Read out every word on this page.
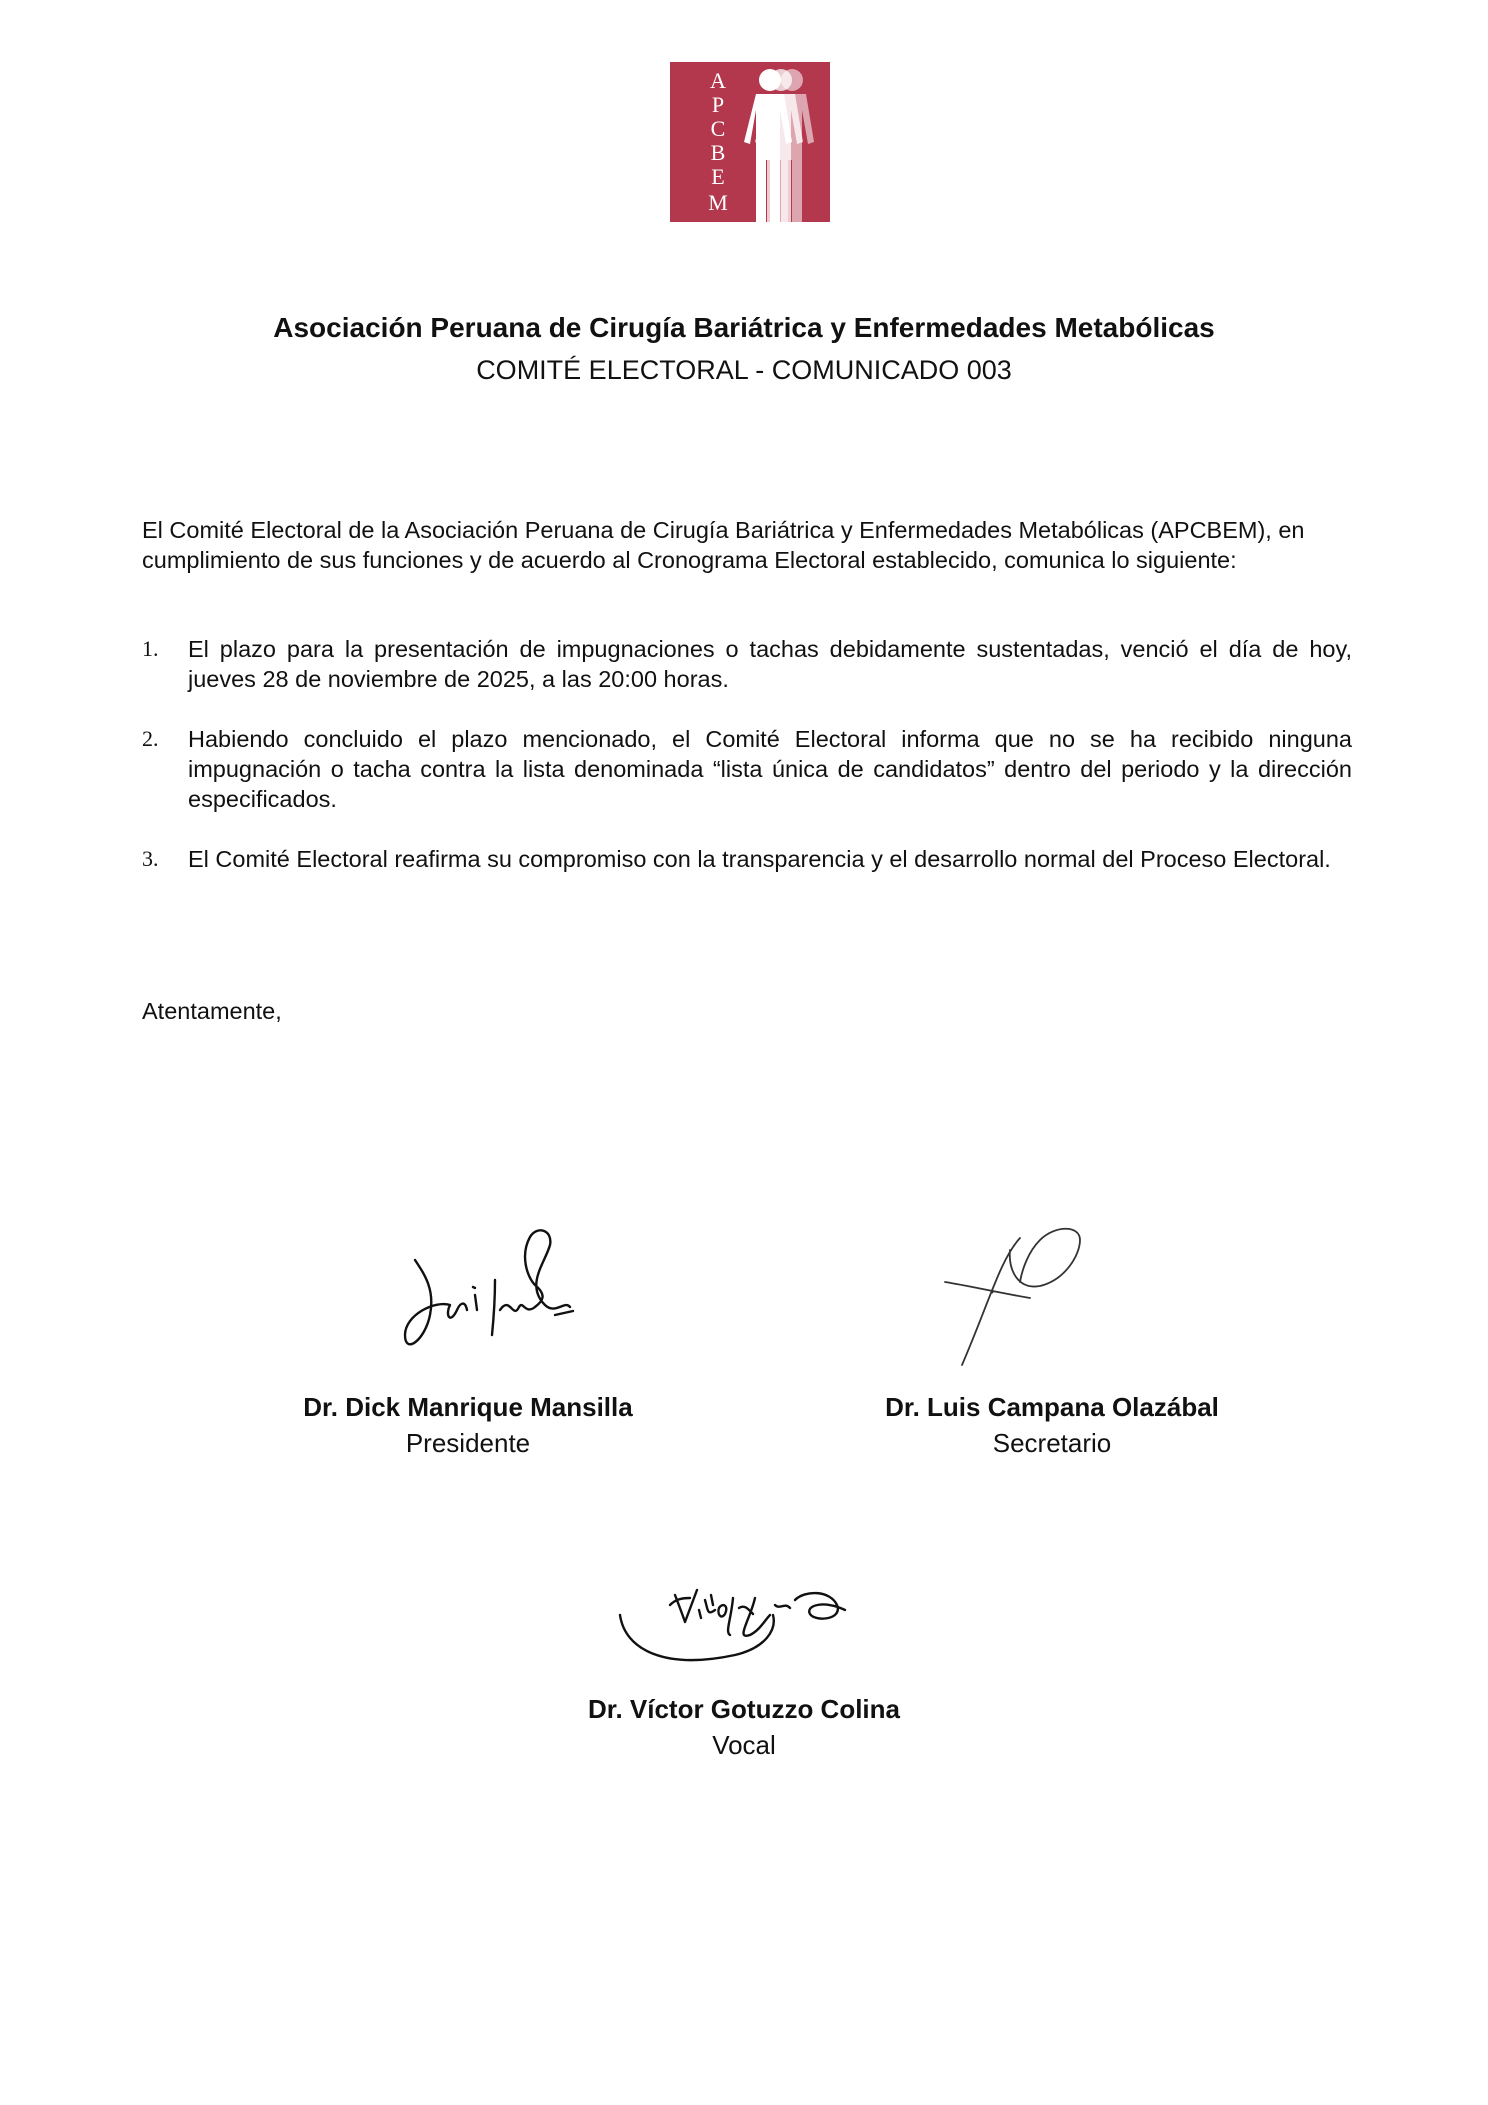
A
P
C
B
E
M
Asociación Peruana de Cirugía Bariátrica y Enfermedades Metabólicas
COMITÉ ELECTORAL - COMUNICADO 003

El Comité Electoral de la Asociación Peruana de Cirugía Bariátrica y Enfermedades Metabólicas (APCBEM), en cumplimiento de sus funciones y de acuerdo al Cronograma Electoral establecido, comunica lo siguiente:

1. El plazo para la presentación de impugnaciones o tachas debidamente sustentadas, venció el día de hoy, jueves 28 de noviembre de 2025, a las 20:00 horas.
2. Habiendo concluido el plazo mencionado, el Comité Electoral informa que no se ha recibido ninguna impugnación o tacha contra la lista denominada “lista única de candidatos” dentro del periodo y la dirección especificados.
3. El Comité Electoral reafirma su compromiso con la transparencia y el desarrollo normal del Proceso Electoral.
Atentamente,
Dr. Dick Manrique Mansilla
Presidente
Dr. Luis Campana Olazábal
Secretario
Dr. Víctor Gotuzzo Colina
Vocal
